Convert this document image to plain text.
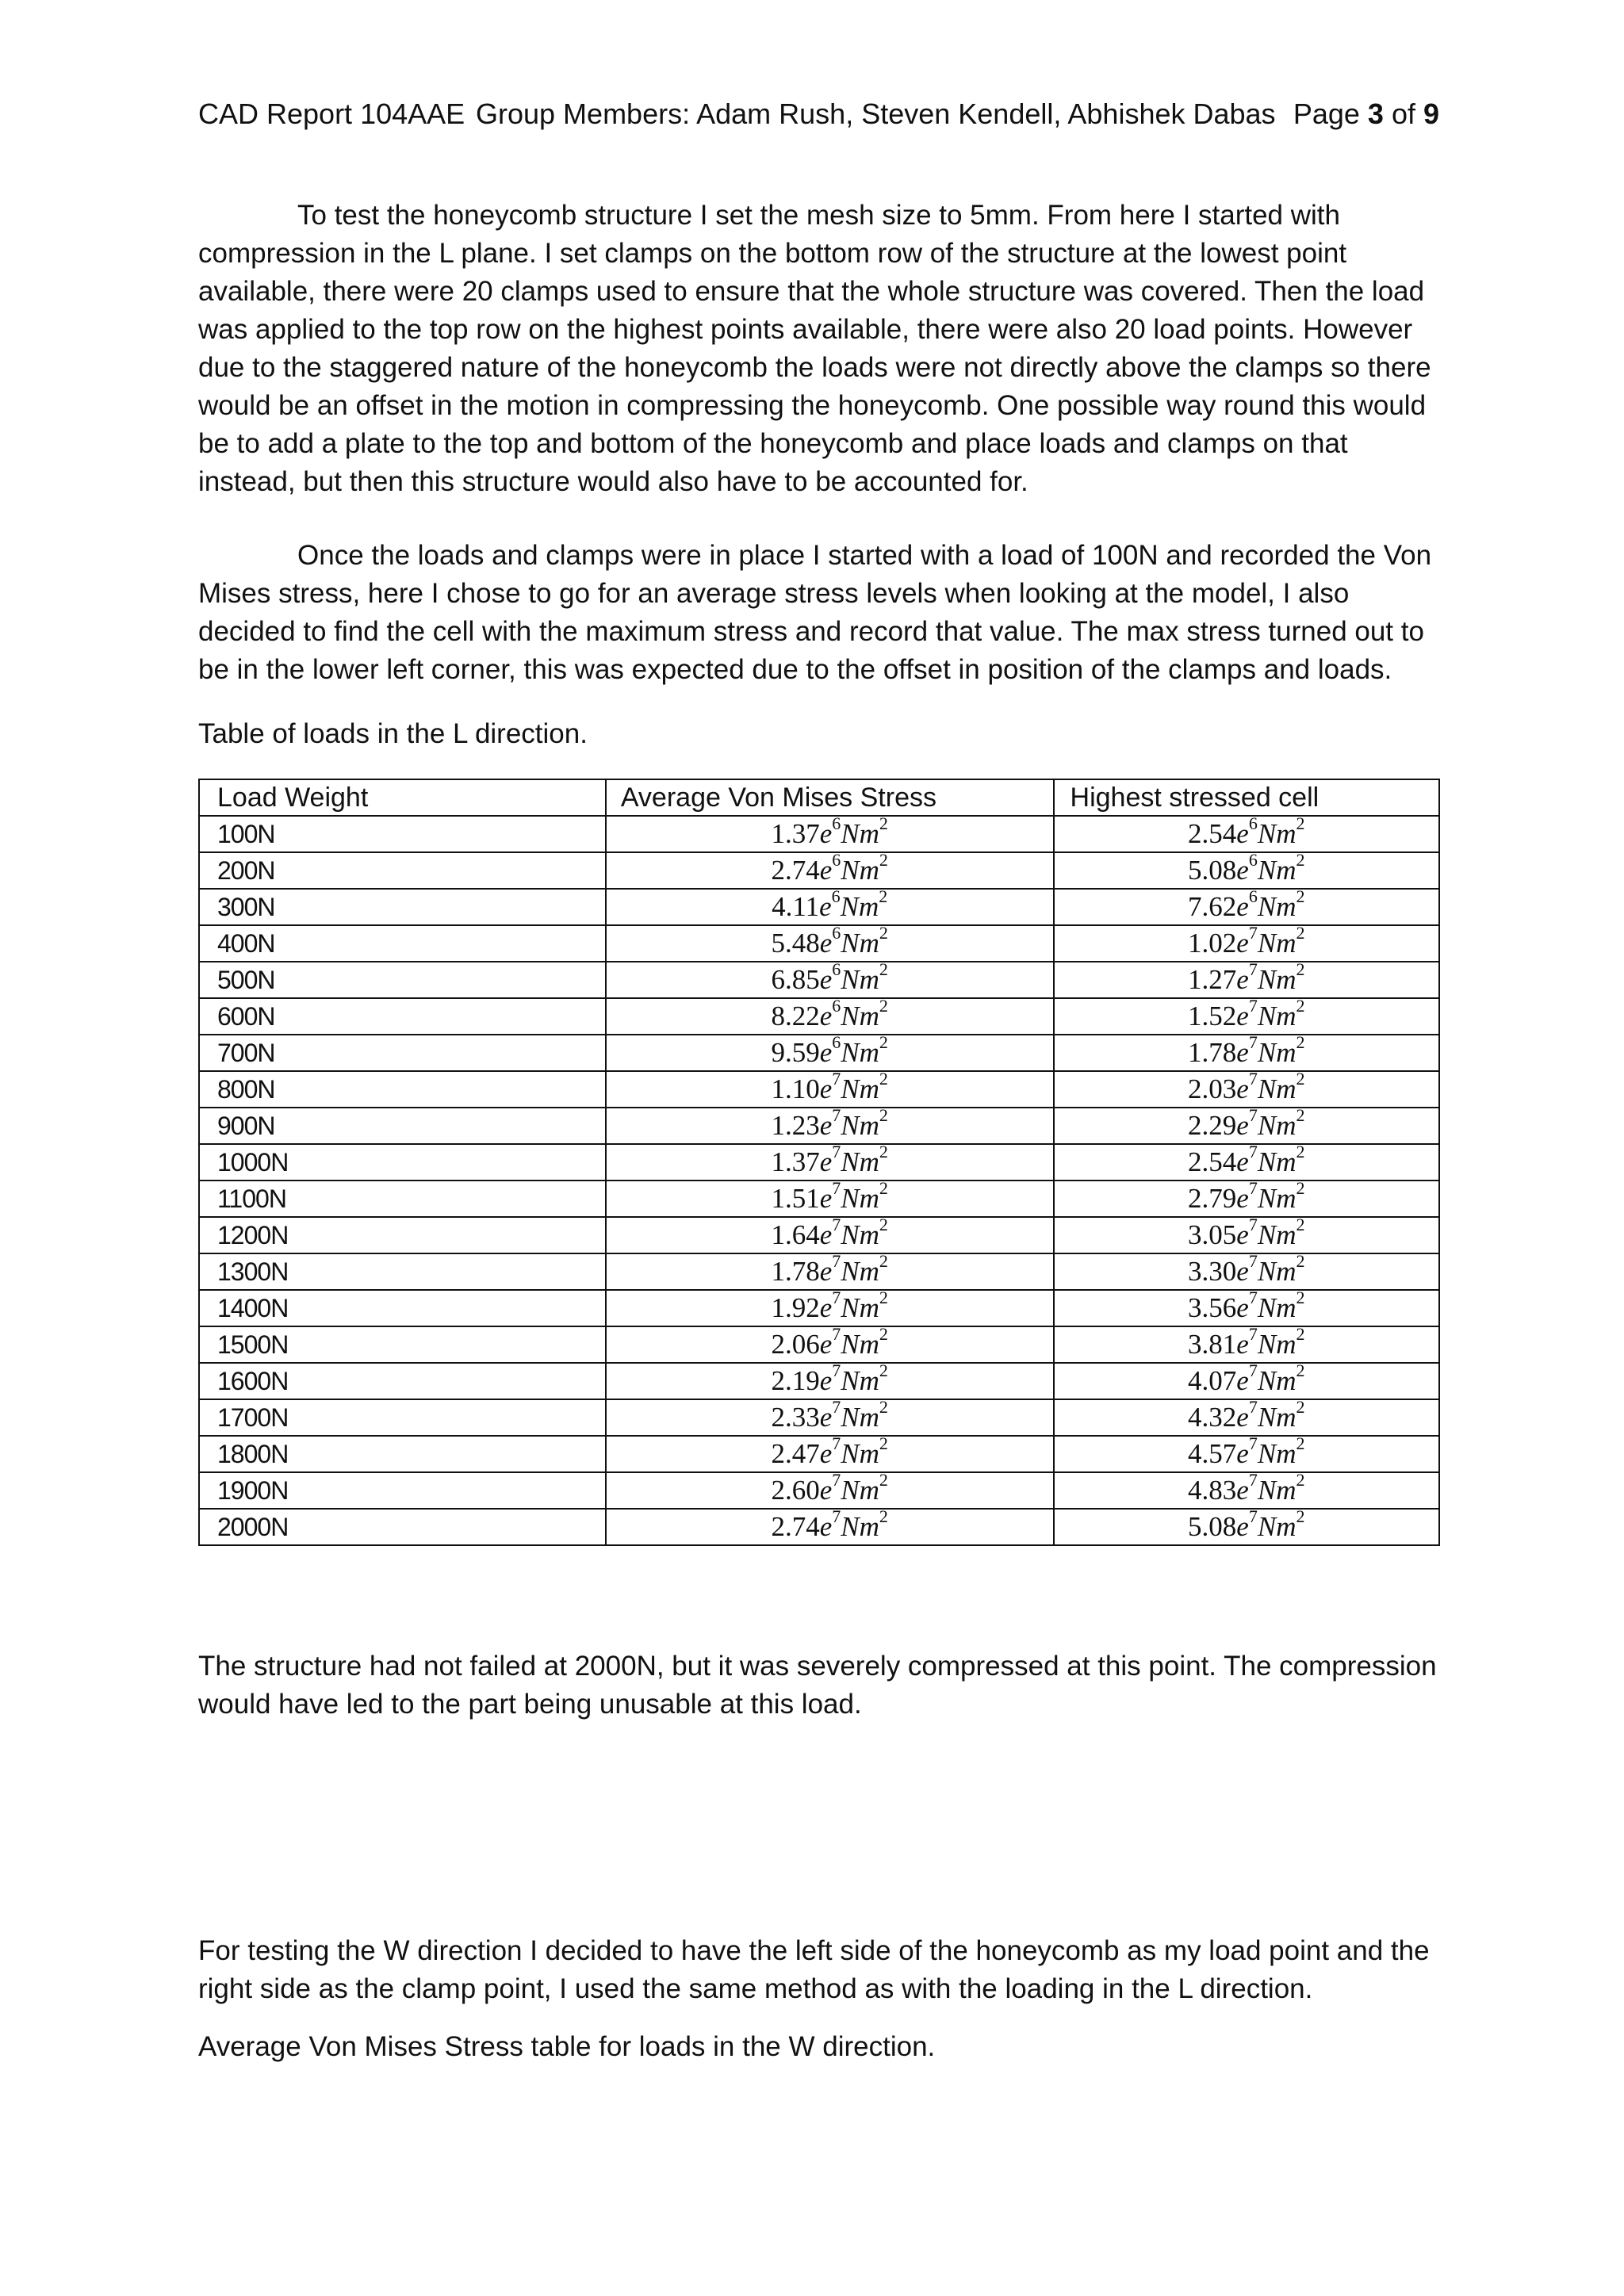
CAD Report 104AAE Group Members: Adam Rush, Steven Kendell, Abhishek Dabas Page 3 of 9

To test the honeycomb structure I set the mesh size to 5mm. From here I started with compression in the L plane. I set clamps on the bottom row of the structure at the lowest point available, there were 20 clamps used to ensure that the whole structure was covered. Then the load was applied to the top row on the highest points available, there were also 20 load points. However due to the staggered nature of the honeycomb the loads were not directly above the clamps so there would be an offset in the motion in compressing the honeycomb. One possible way round this would be to add a plate to the top and bottom of the honeycomb and place loads and clamps on that instead, but then this structure would also have to be accounted for.

Once the loads and clamps were in place I started with a load of 100N and recorded the Von Mises stress, here I chose to go for an average stress levels when looking at the model, I also decided to find the cell with the maximum stress and record that value. The max stress turned out to be in the lower left corner, this was expected due to the offset in position of the clamps and loads.

Table of loads in the L direction.

Load Weight	Average Von Mises Stress	Highest stressed cell
100N	$1.37e^6Nm^2$	$2.54e^6Nm^2$
200N	$2.74e^6Nm^2$	$5.08e^6Nm^2$
300N	$4.11e^6Nm^2$	$7.62e^6Nm^2$
400N	$5.48e^6Nm^2$	$1.02e^7Nm^2$
500N	$6.85e^6Nm^2$	$1.27e^7Nm^2$
600N	$8.22e^6Nm^2$	$1.52e^7Nm^2$
700N	$9.59e^6Nm^2$	$1.78e^7Nm^2$
800N	$1.10e^7Nm^2$	$2.03e^7Nm^2$
900N	$1.23e^7Nm^2$	$2.29e^7Nm^2$
1000N	$1.37e^7Nm^2$	$2.54e^7Nm^2$
1100N	$1.51e^7Nm^2$	$2.79e^7Nm^2$
1200N	$1.64e^7Nm^2$	$3.05e^7Nm^2$
1300N	$1.78e^7Nm^2$	$3.30e^7Nm^2$
1400N	$1.92e^7Nm^2$	$3.56e^7Nm^2$
1500N	$2.06e^7Nm^2$	$3.81e^7Nm^2$
1600N	$2.19e^7Nm^2$	$4.07e^7Nm^2$
1700N	$2.33e^7Nm^2$	$4.32e^7Nm^2$
1800N	$2.47e^7Nm^2$	$4.57e^7Nm^2$
1900N	$2.60e^7Nm^2$	$4.83e^7Nm^2$
2000N	$2.74e^7Nm^2$	$5.08e^7Nm^2$

The structure had not failed at 2000N, but it was severely compressed at this point. The compression would have led to the part being unusable at this load.

For testing the W direction I decided to have the left side of the honeycomb as my load point and the right side as the clamp point, I used the same method as with the loading in the L direction.

Average Von Mises Stress table for loads in the W direction.
